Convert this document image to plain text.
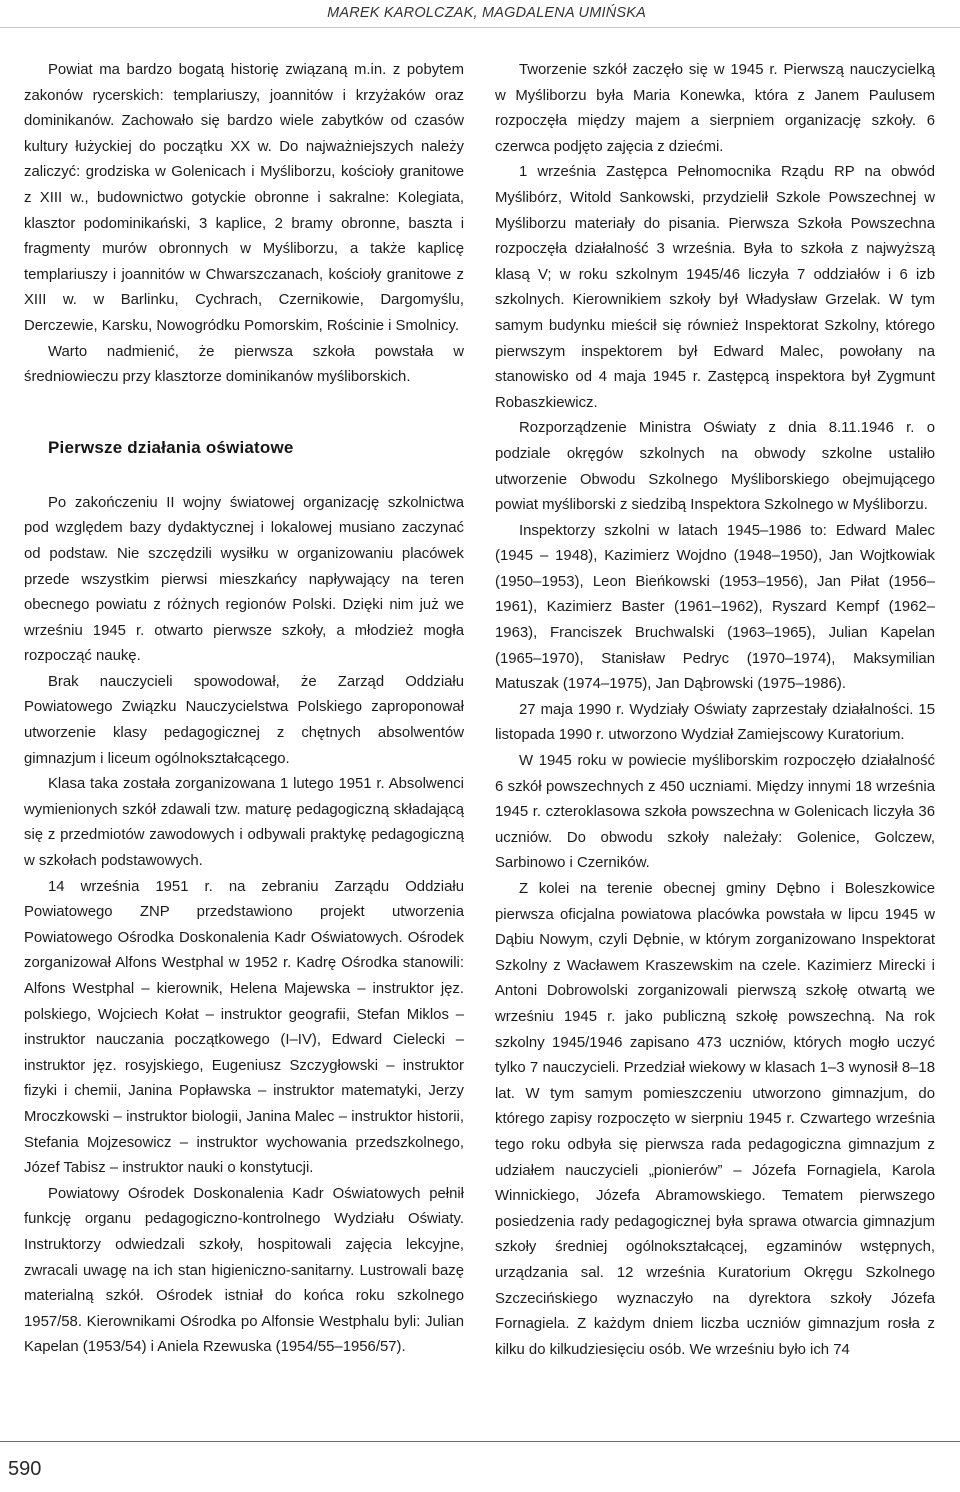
MAREK KAROLCZAK, MAGDALENA UMIŃSKA

Powiat ma bardzo bogatą historię związaną m.in. z pobytem zakonów rycerskich: templariuszy, joannitów i krzyżaków oraz dominikanów. Zachowało się bardzo wiele zabytków od czasów kultury łużyckiej do początku XX w. Do najważniejszych należy zaliczyć: grodziska w Golenicach i Myśliborzu, kościoły granitowe z XIII w., budownictwo gotyckie obronne i sakralne: Kolegiata, klasztor podominikański, 3 kaplice, 2 bramy obronne, baszta i fragmenty murów obronnych w Myśliborzu, a także kaplicę templariuszy i joannitów w Chwarszczanach, kościoły granitowe z XIII w. w Barlinku, Cychrach, Czernikowie, Dargomyślu, Derczewie, Karsku, Nowogródku Pomorskim, Rościnie i Smolnicy.

Warto nadmienić, że pierwsza szkoła powstała w średniowieczu przy klasztorze dominikanów myśliborskich.

Pierwsze działania oświatowe

Po zakończeniu II wojny światowej organizację szkolnictwa pod względem bazy dydaktycznej i lokalowej musiano zaczynać od podstaw. Nie szczędzili wysiłku w organizowaniu placówek przede wszystkim pierwsi mieszkańcy napływający na teren obecnego powiatu z różnych regionów Polski. Dzięki nim już we wrześniu 1945 r. otwarto pierwsze szkoły, a młodzież mogła rozpocząć naukę.

Brak nauczycieli spowodował, że Zarząd Oddziału Powiatowego Związku Nauczycielstwa Polskiego zaproponował utworzenie klasy pedagogicznej z chętnych absolwentów gimnazjum i liceum ogólnokształcącego.

Klasa taka została zorganizowana 1 lutego 1951 r. Absolwenci wymienionych szkół zdawali tzw. maturę pedagogiczną składającą się z przedmiotów zawodowych i odbywali praktykę pedagogiczną w szkołach podstawowych.

14 września 1951 r. na zebraniu Zarządu Oddziału Powiatowego ZNP przedstawiono projekt utworzenia Powiatowego Ośrodka Doskonalenia Kadr Oświatowych. Ośrodek zorganizował Alfons Westphal w 1952 r. Kadrę Ośrodka stanowili: Alfons Westphal – kierownik, Helena Majewska – instruktor jęz. polskiego, Wojciech Kołat – instruktor geografii, Stefan Miklos – instruktor nauczania początkowego (I–IV), Edward Cielecki – instruktor jęz. rosyjskiego, Eugeniusz Szczygłowski – instruktor fizyki i chemii, Janina Popławska – instruktor matematyki, Jerzy Mroczkowski – instruktor biologii, Janina Malec – instruktor historii, Stefania Mojzesowicz – instruktor wychowania przedszkolnego, Józef Tabisz – instruktor nauki o konstytucji.

Powiatowy Ośrodek Doskonalenia Kadr Oświatowych pełnił funkcję organu pedagogiczno-kontrolnego Wydziału Oświaty. Instruktorzy odwiedzali szkoły, hospitowali zajęcia lekcyjne, zwracali uwagę na ich stan higieniczno-sanitarny. Lustrowali bazę materialną szkół. Ośrodek istniał do końca roku szkolnego 1957/58. Kierownikami Ośrodka po Alfonsie Westphalu byli: Julian Kapelan (1953/54) i Aniela Rzewuska (1954/55–1956/57).

Tworzenie szkół zaczęło się w 1945 r. Pierwszą nauczycielką w Myśliborzu była Maria Konewka, która z Janem Paulusem rozpoczęła między majem a sierpniem organizację szkoły. 6 czerwca podjęto zajęcia z dziećmi.

1 września Zastępca Pełnomocnika Rządu RP na obwód Myślibórz, Witold Sankowski, przydzielił Szkole Powszechnej w Myśliborzu materiały do pisania. Pierwsza Szkoła Powszechna rozpoczęła działalność 3 września. Była to szkoła z najwyższą klasą V; w roku szkolnym 1945/46 liczyła 7 oddziałów i 6 izb szkolnych. Kierownikiem szkoły był Władysław Grzelak. W tym samym budynku mieścił się również Inspektorat Szkolny, którego pierwszym inspektorem był Edward Malec, powołany na stanowisko od 4 maja 1945 r. Zastępcą inspektora był Zygmunt Robaszkiewicz.

Rozporządzenie Ministra Oświaty z dnia 8.11.1946 r. o podziale okręgów szkolnych na obwody szkolne ustaliło utworzenie Obwodu Szkolnego Myśliborskiego obejmującego powiat myśliborski z siedzibą Inspektora Szkolnego w Myśliborzu.

Inspektorzy szkolni w latach 1945–1986 to: Edward Malec (1945 – 1948), Kazimierz Wojdno (1948–1950), Jan Wojtkowiak (1950–1953), Leon Bieńkowski (1953–1956), Jan Piłat (1956–1961), Kazimierz Baster (1961–1962), Ryszard Kempf (1962–1963), Franciszek Bruchwalski (1963–1965), Julian Kapelan (1965–1970), Stanisław Pedryc (1970–1974), Maksymilian Matuszak (1974–1975), Jan Dąbrowski (1975–1986).

27 maja 1990 r. Wydziały Oświaty zaprzestały działalności. 15 listopada 1990 r. utworzono Wydział Zamiejscowy Kuratorium.

W 1945 roku w powiecie myśliborskim rozpoczęło działalność 6 szkół powszechnych z 450 uczniami. Między innymi 18 września 1945 r. czteroklasowa szkoła powszechna w Golenicach liczyła 36 uczniów. Do obwodu szkoły należały: Golenice, Golczew, Sarbinowo i Czerników.

Z kolei na terenie obecnej gminy Dębno i Boleszkowice pierwsza oficjalna powiatowa placówka powstała w lipcu 1945 w Dąbiu Nowym, czyli Dębnie, w którym zorganizowano Inspektorat Szkolny z Wacławem Kraszewskim na czele. Kazimierz Mirecki i Antoni Dobrowolski zorganizowali pierwszą szkołę otwartą we wrześniu 1945 r. jako publiczną szkołę powszechną. Na rok szkolny 1945/1946 zapisano 473 uczniów, których mogło uczyć tylko 7 nauczycieli. Przedział wiekowy w klasach 1–3 wynosił 8–18 lat. W tym samym pomieszczeniu utworzono gimnazjum, do którego zapisy rozpoczęto w sierpniu 1945 r. Czwartego września tego roku odbyła się pierwsza rada pedagogiczna gimnazjum z udziałem nauczycieli „pionierów” – Józefa Fornagiela, Karola Winnickiego, Józefa Abramowskiego. Tematem pierwszego posiedzenia rady pedagogicznej była sprawa otwarcia gimnazjum szkoły średniej ogólnokształcącej, egzaminów wstępnych, urządzania sal. 12 września Kuratorium Okręgu Szkolnego Szczecińskiego wyznaczyło na dyrektora szkoły Józefa Fornagiela. Z każdym dniem liczba uczniów gimnazjum rosła z kilku do kilkudziesięciu osób. We wrześniu było ich 74

590
